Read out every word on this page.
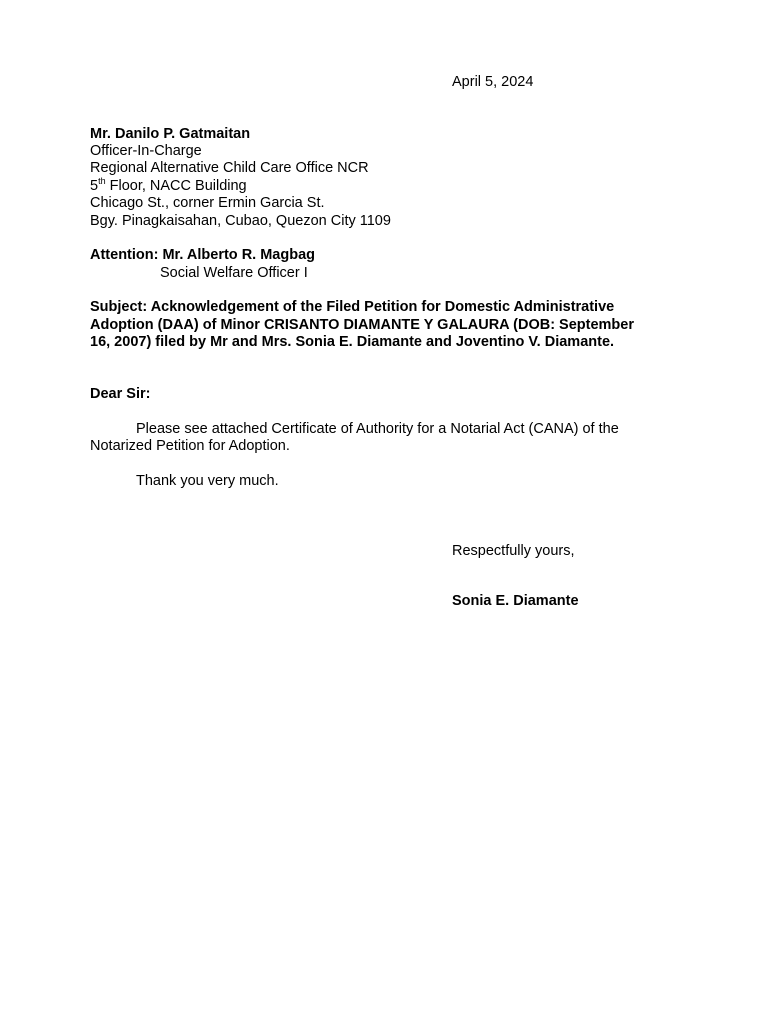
April 5, 2024
Mr. Danilo P. Gatmaitan
Officer-In-Charge
Regional Alternative Child Care Office NCR
5th Floor, NACC Building
Chicago St., corner Ermin Garcia St.
Bgy. Pinagkaisahan, Cubao, Quezon City 1109
Attention: Mr. Alberto R. Magbag
Social Welfare Officer I
Subject: Acknowledgement of the Filed Petition for Domestic Administrative
Adoption (DAA) of Minor CRISANTO DIAMANTE Y GALAURA (DOB: September
16, 2007) filed by Mr and Mrs. Sonia E. Diamante and Joventino V. Diamante.
Dear Sir:
Please see attached Certificate of Authority for a Notarial Act (CANA) of the
Notarized Petition for Adoption.
Thank you very much.
Respectfully yours,
Sonia E. Diamante
